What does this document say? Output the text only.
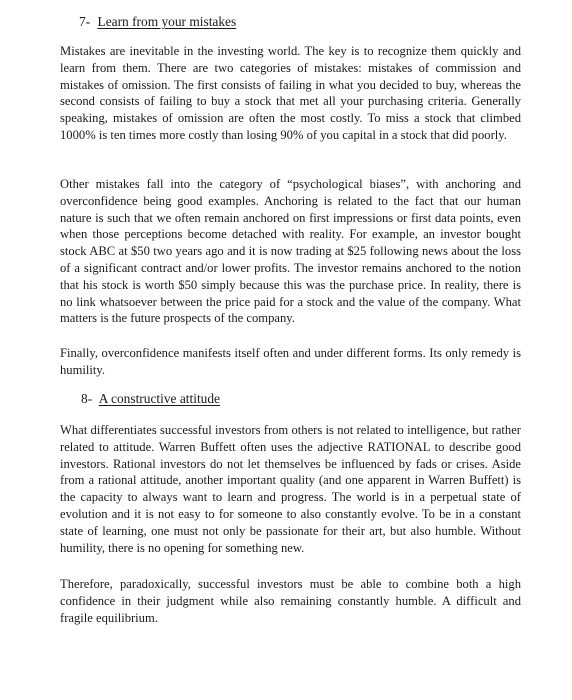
7- Learn from your mistakes

Mistakes are inevitable in the investing world. The key is to recognize them quickly and learn from them. There are two categories of mistakes: mistakes of commission and mistakes of omission. The first consists of failing in what you decided to buy, whereas the second consists of failing to buy a stock that met all your purchasing criteria. Generally speaking, mistakes of omission are often the most costly. To miss a stock that climbed 1000% is ten times more costly than losing 90% of you capital in a stock that did poorly.

Other mistakes fall into the category of “psychological biases”, with anchoring and overconfidence being good examples. Anchoring is related to the fact that our human nature is such that we often remain anchored on first impressions or first data points, even when those perceptions become detached with reality. For example, an investor bought stock ABC at $50 two years ago and it is now trading at $25 following news about the loss of a significant contract and/or lower profits. The investor remains anchored to the notion that his stock is worth $50 simply because this was the purchase price. In reality, there is no link whatsoever between the price paid for a stock and the value of the company. What matters is the future prospects of the company.

Finally, overconfidence manifests itself often and under different forms. Its only remedy is humility.

8- A constructive attitude

What differentiates successful investors from others is not related to intelligence, but rather related to attitude. Warren Buffett often uses the adjective RATIONAL to describe good investors. Rational investors do not let themselves be influenced by fads or crises. Aside from a rational attitude, another important quality (and one apparent in Warren Buffett) is the capacity to always want to learn and progress. The world is in a perpetual state of evolution and it is not easy to for someone to also constantly evolve. To be in a constant state of learning, one must not only be passionate for their art, but also humble. Without humility, there is no opening for something new.

Therefore, paradoxically, successful investors must be able to combine both a high confidence in their judgment while also remaining constantly humble. A difficult and fragile equilibrium.
